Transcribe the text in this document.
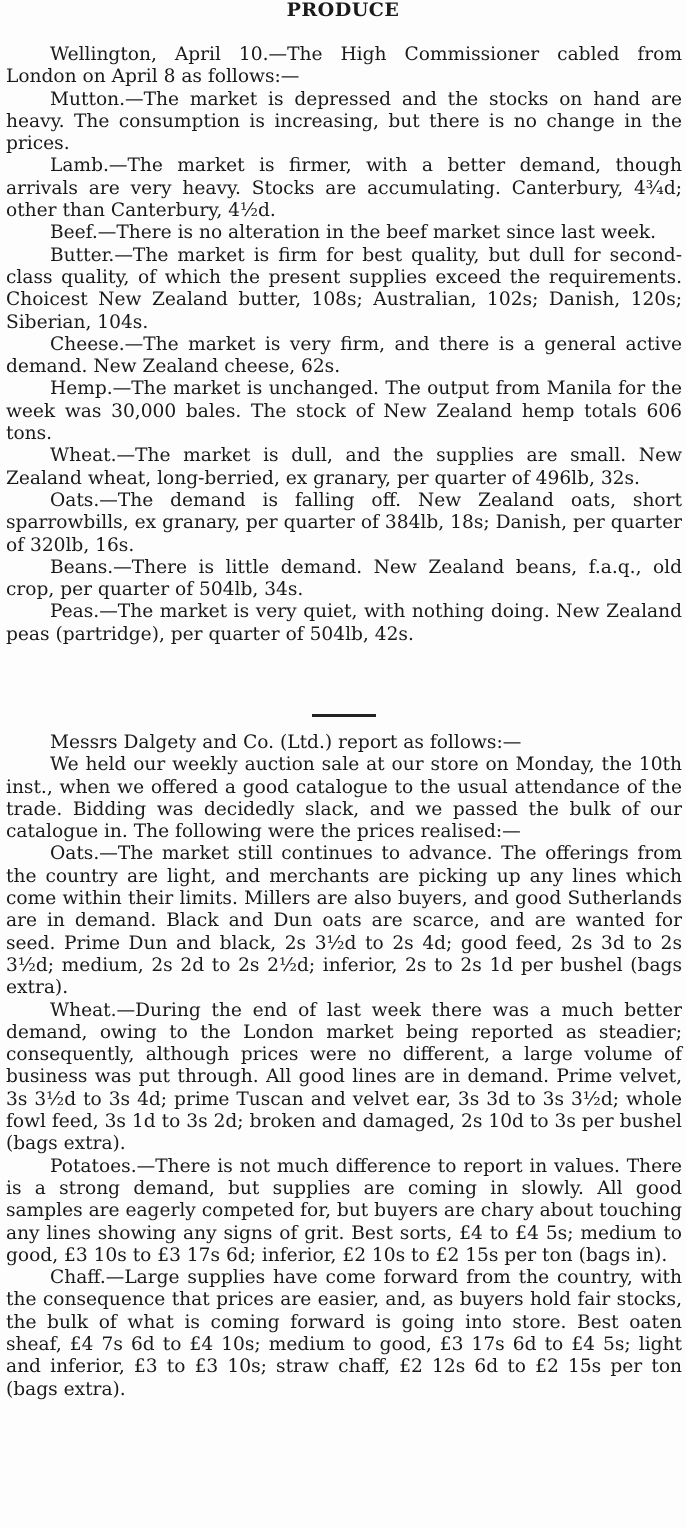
PRODUCE

Wellington, April 10.—The High Commissioner cabled from London on April 8 as follows:—

Mutton.—The market is depressed and the stocks on hand are heavy. The consumption is increasing, but there is no change in the prices.

Lamb.—The market is firmer, with a better demand, though arrivals are very heavy. Stocks are accumulating. Canterbury, 4¾d; other than Canterbury, 4½d.

Beef.—There is no alteration in the beef market since last week.

Butter.—The market is firm for best quality, but dull for second-class quality, of which the present supplies exceed the requirements. Choicest New Zealand butter, 108s; Australian, 102s; Danish, 120s; Siberian, 104s.

Cheese.—The market is very firm, and there is a general active demand. New Zealand cheese, 62s.

Hemp.—The market is unchanged. The output from Manila for the week was 30,000 bales. The stock of New Zealand hemp totals 606 tons.

Wheat.—The market is dull, and the supplies are small. New Zealand wheat, long-berried, ex granary, per quarter of 496lb, 32s.

Oats.—The demand is falling off. New Zealand oats, short sparrowbills, ex granary, per quarter of 384lb, 18s; Danish, per quarter of 320lb, 16s.

Beans.—There is little demand. New Zealand beans, f.a.q., old crop, per quarter of 504lb, 34s.

Peas.—The market is very quiet, with nothing doing. New Zealand peas (partridge), per quarter of 504lb, 42s.

Messrs Dalgety and Co. (Ltd.) report as follows:—

We held our weekly auction sale at our store on Monday, the 10th inst., when we offered a good catalogue to the usual attendance of the trade. Bidding was decidedly slack, and we passed the bulk of our catalogue in. The following were the prices realised:—

Oats.—The market still continues to advance. The offerings from the country are light, and merchants are picking up any lines which come within their limits. Millers are also buyers, and good Sutherlands are in demand. Black and Dun oats are scarce, and are wanted for seed. Prime Dun and black, 2s 3½d to 2s 4d; good feed, 2s 3d to 2s 3½d; medium, 2s 2d to 2s 2½d; inferior, 2s to 2s 1d per bushel (bags extra).

Wheat.—During the end of last week there was a much better demand, owing to the London market being reported as steadier; consequently, although prices were no different, a large volume of business was put through. All good lines are in demand. Prime velvet, 3s 3½d to 3s 4d; prime Tuscan and velvet ear, 3s 3d to 3s 3½d; whole fowl feed, 3s 1d to 3s 2d; broken and damaged, 2s 10d to 3s per bushel (bags extra).

Potatoes.—There is not much difference to report in values. There is a strong demand, but supplies are coming in slowly. All good samples are eagerly competed for, but buyers are chary about touching any lines showing any signs of grit. Best sorts, £4 to £4 5s; medium to good, £3 10s to £3 17s 6d; inferior, £2 10s to £2 15s per ton (bags in).

Chaff.—Large supplies have come forward from the country, with the consequence that prices are easier, and, as buyers hold fair stocks, the bulk of what is coming forward is going into store. Best oaten sheaf, £4 7s 6d to £4 10s; medium to good, £3 17s 6d to £4 5s; light and inferior, £3 to £3 10s; straw chaff, £2 12s 6d to £2 15s per ton (bags extra).
